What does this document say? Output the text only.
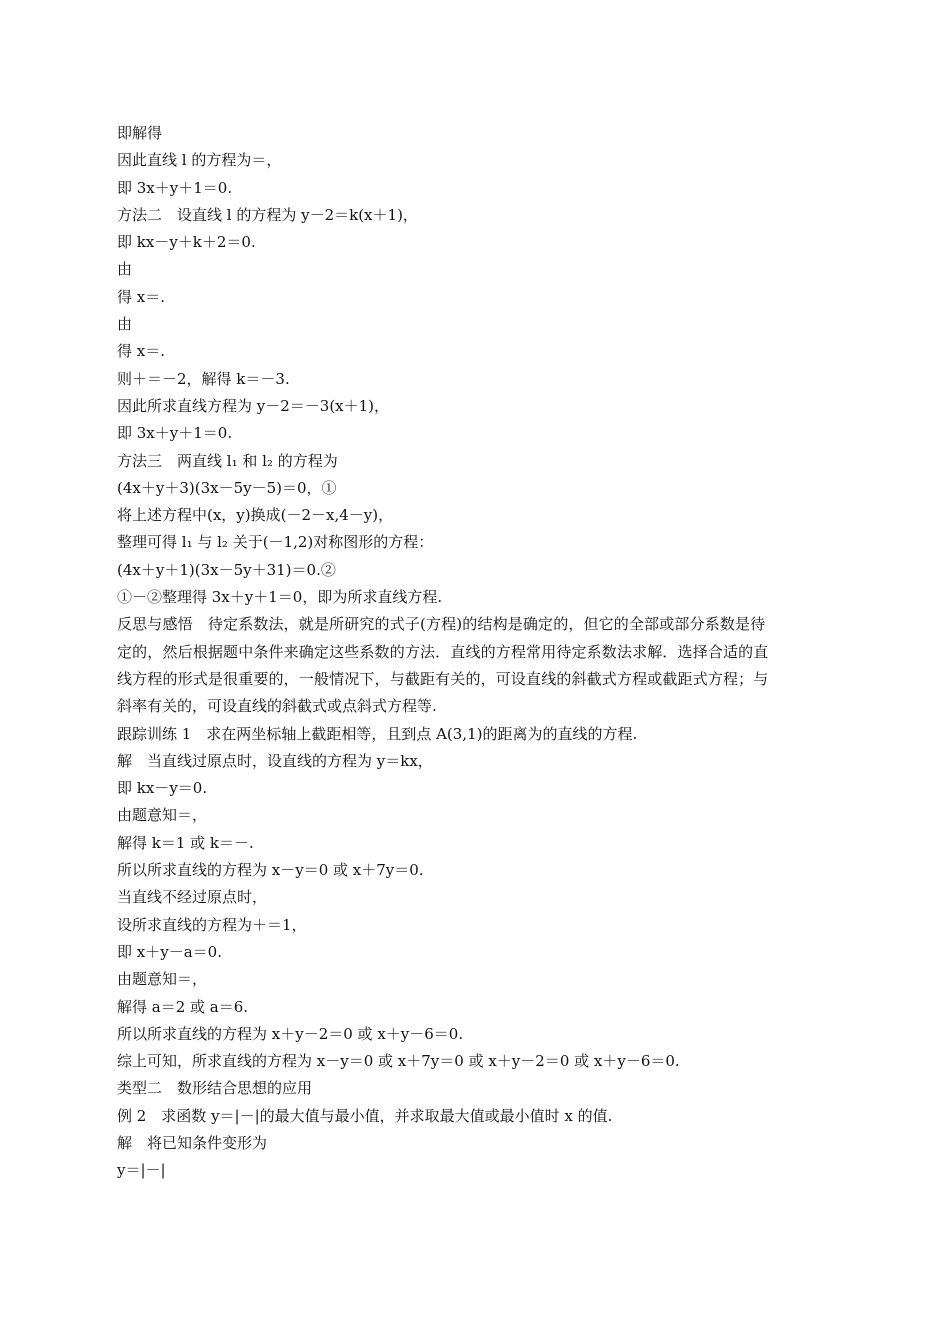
即解得
因此直线 l 的方程为＝，
即 3x＋y＋1＝0.
方法二　设直线 l 的方程为 y－2＝k(x＋1)，
即 kx－y＋k＋2＝0.
由
得 x＝.
由
得 x＝.
则＋＝－2，解得 k＝－3.
因此所求直线方程为 y－2＝－3(x＋1)，
即 3x＋y＋1＝0.
方法三　两直线 l₁ 和 l₂ 的方程为
(4x＋y＋3)(3x－5y－5)＝0，①
将上述方程中(x，y)换成(－2－x,4－y)，
整理可得 l₁ 与 l₂ 关于(－1,2)对称图形的方程：
(4x＋y＋1)(3x－5y＋31)＝0.②
①－②整理得 3x＋y＋1＝0，即为所求直线方程.
反思与感悟　待定系数法，就是所研究的式子(方程)的结构是确定的，但它的全部或部分系数是待
定的，然后根据题中条件来确定这些系数的方法．直线的方程常用待定系数法求解．选择合适的直
线方程的形式是很重要的，一般情况下，与截距有关的，可设直线的斜截式方程或截距式方程；与
斜率有关的，可设直线的斜截式或点斜式方程等.
跟踪训练 1　求在两坐标轴上截距相等，且到点 A(3,1)的距离为的直线的方程.
解　当直线过原点时，设直线的方程为 y＝kx，
即 kx－y＝0.
由题意知＝，
解得 k＝1 或 k＝－.
所以所求直线的方程为 x－y＝0 或 x＋7y＝0.
当直线不经过原点时，
设所求直线的方程为＋＝1，
即 x＋y－a＝0.
由题意知＝，
解得 a＝2 或 a＝6.
所以所求直线的方程为 x＋y－2＝0 或 x＋y－6＝0.
综上可知，所求直线的方程为 x－y＝0 或 x＋7y＝0 或 x＋y－2＝0 或 x＋y－6＝0.
类型二　数形结合思想的应用
例 2　求函数 y＝|－|的最大值与最小值，并求取最大值或最小值时 x 的值.
解　将已知条件变形为
y＝|－|
